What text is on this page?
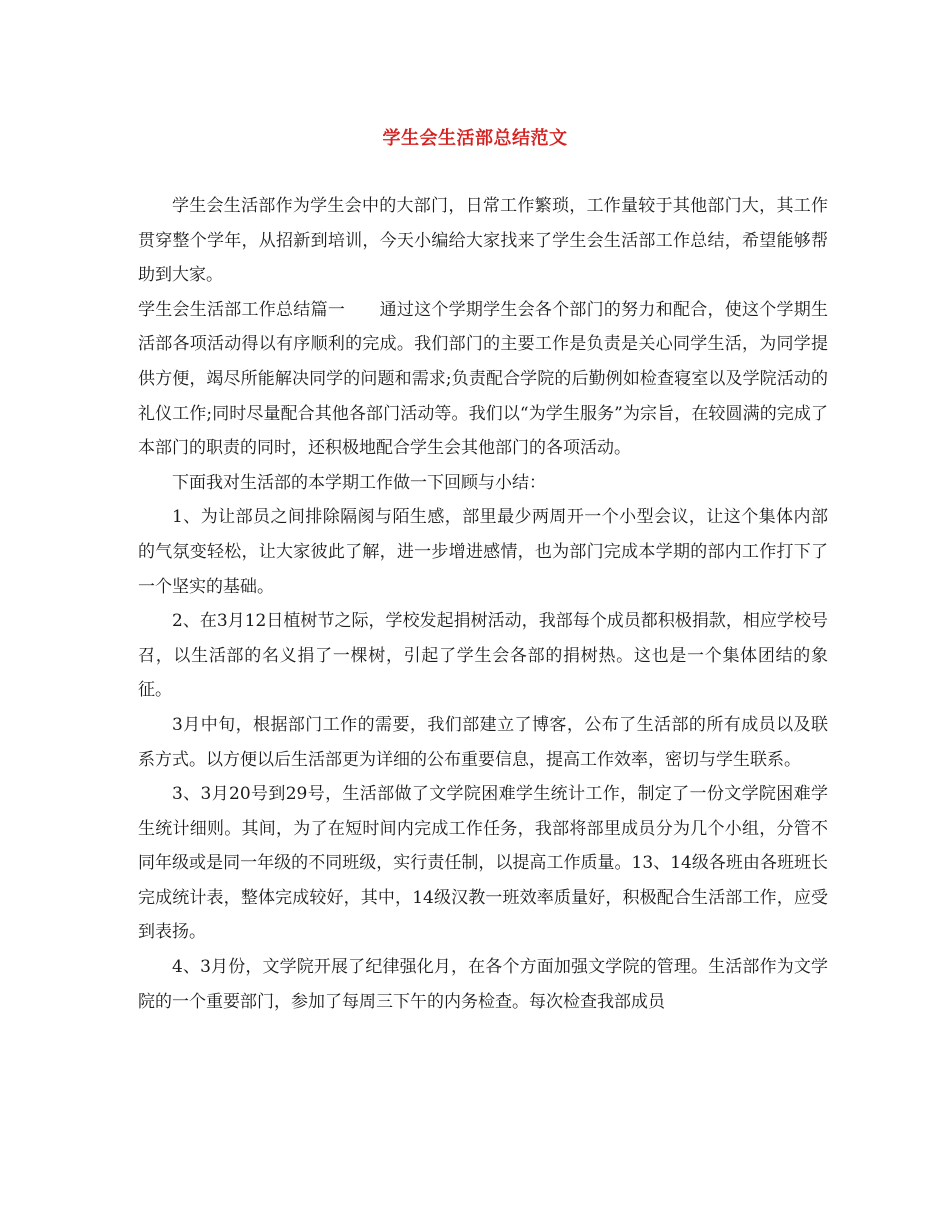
学生会生活部总结范文

学生会生活部作为学生会中的大部门，日常工作繁琐，工作量较于其他部门大，其工作贯穿整个学年，从招新到培训，今天小编给大家找来了学生会生活部工作总结，希望能够帮助到大家。

学生会生活部工作总结篇一　　通过这个学期学生会各个部门的努力和配合，使这个学期生活部各项活动得以有序顺利的完成。我们部门的主要工作是负责是关心同学生活，为同学提供方便，竭尽所能解决同学的问题和需求;负责配合学院的后勤例如检查寝室以及学院活动的礼仪工作;同时尽量配合其他各部门活动等。我们以“为学生服务”为宗旨，在较圆满的完成了本部门的职责的同时，还积极地配合学生会其他部门的各项活动。

下面我对生活部的本学期工作做一下回顾与小结：

1、为让部员之间排除隔阂与陌生感，部里最少两周开一个小型会议，让这个集体内部的气氛变轻松，让大家彼此了解，进一步增进感情，也为部门完成本学期的部内工作打下了一个坚实的基础。

2、在3月12日植树节之际，学校发起捐树活动，我部每个成员都积极捐款，相应学校号召，以生活部的名义捐了一棵树，引起了学生会各部的捐树热。这也是一个集体团结的象征。

3月中旬，根据部门工作的需要，我们部建立了博客，公布了生活部的所有成员以及联系方式。以方便以后生活部更为详细的公布重要信息，提高工作效率，密切与学生联系。

3、3月20号到29号，生活部做了文学院困难学生统计工作，制定了一份文学院困难学生统计细则。其间，为了在短时间内完成工作任务，我部将部里成员分为几个小组，分管不同年级或是同一年级的不同班级，实行责任制，以提高工作质量。13、14级各班由各班班长完成统计表，整体完成较好，其中，14级汉教一班效率质量好，积极配合生活部工作，应受到表扬。

4、3月份，文学院开展了纪律强化月，在各个方面加强文学院的管理。生活部作为文学院的一个重要部门，参加了每周三下午的内务检查。每次检查我部成员
